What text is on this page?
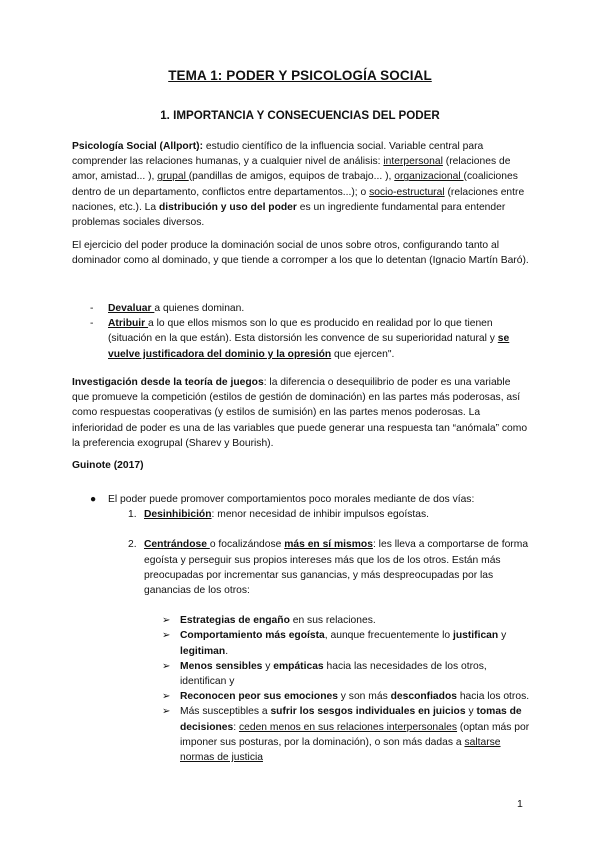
TEMA 1: PODER Y PSICOLOGÍA SOCIAL
1. IMPORTANCIA Y CONSECUENCIAS DEL PODER
Psicología Social (Allport): estudio científico de la influencia social. Variable central para comprender las relaciones humanas, y a cualquier nivel de análisis: interpersonal (relaciones de amor, amistad... ), grupal (pandillas de amigos, equipos de trabajo... ), organizacional (coaliciones dentro de un departamento, conflictos entre departamentos...); o socio-estructural (relaciones entre naciones, etc.). La distribución y uso del poder es un ingrediente fundamental para entender problemas sociales diversos.
El ejercicio del poder produce la dominación social de unos sobre otros, configurando tanto al dominador como al dominado, y que tiende a corromper a los que lo detentan (Ignacio Martín Baró).
- Devaluar a quienes dominan.
- Atribuir a lo que ellos mismos son lo que es producido en realidad por lo que tienen (situación en la que están). Esta distorsión les convence de su superioridad natural y se vuelve justificadora del dominio y la opresión que ejercen".
Investigación desde la teoría de juegos: la diferencia o desequilibrio de poder es una variable que promueve la competición (estilos de gestión de dominación) en las partes más poderosas, así como respuestas cooperativas (y estilos de sumisión) en las partes menos poderosas. La inferioridad de poder es una de las variables que puede generar una respuesta tan “anómala” como la preferencia exogrupal (Sharev y Bourish).
Guinote (2017)
● El poder puede promover comportamientos poco morales mediante de dos vías:
1. Desinhibición: menor necesidad de inhibir impulsos egoístas.
2. Centrándose o focalizándose más en sí mismos: les lleva a comportarse de forma egoísta y perseguir sus propios intereses más que los de los otros. Están más preocupadas por incrementar sus ganancias, y más despreocupadas por las ganancias de los otros:
➢ Estrategias de engaño en sus relaciones.
➢ Comportamiento más egoísta, aunque frecuentemente lo justifican y legitiman.
➢ Menos sensibles y empáticas hacia las necesidades de los otros, identifican y
➢ Reconocen peor sus emociones y son más desconfiados hacia los otros.
➢ Más susceptibles a sufrir los sesgos individuales en juicios y tomas de decisiones: ceden menos en sus relaciones interpersonales (optan más por imponer sus posturas, por la dominación), o son más dadas a saltarse normas de justicia
1
